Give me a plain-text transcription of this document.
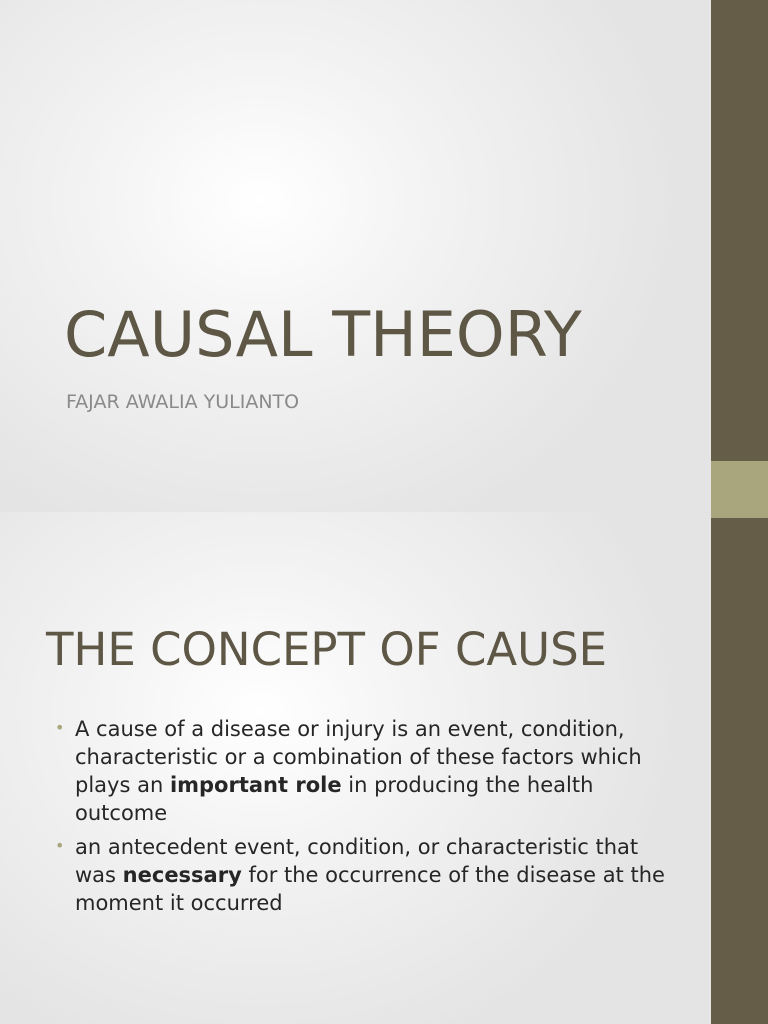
CAUSAL THEORY

FAJAR AWALIA YULIANTO

THE CONCEPT OF CAUSE
• A cause of a disease or injury is an event, condition, characteristic or a combination of these factors which plays an important role in producing the health outcome
• an antecedent event, condition, or characteristic that was necessary for the occurrence of the disease at the moment it occurred
